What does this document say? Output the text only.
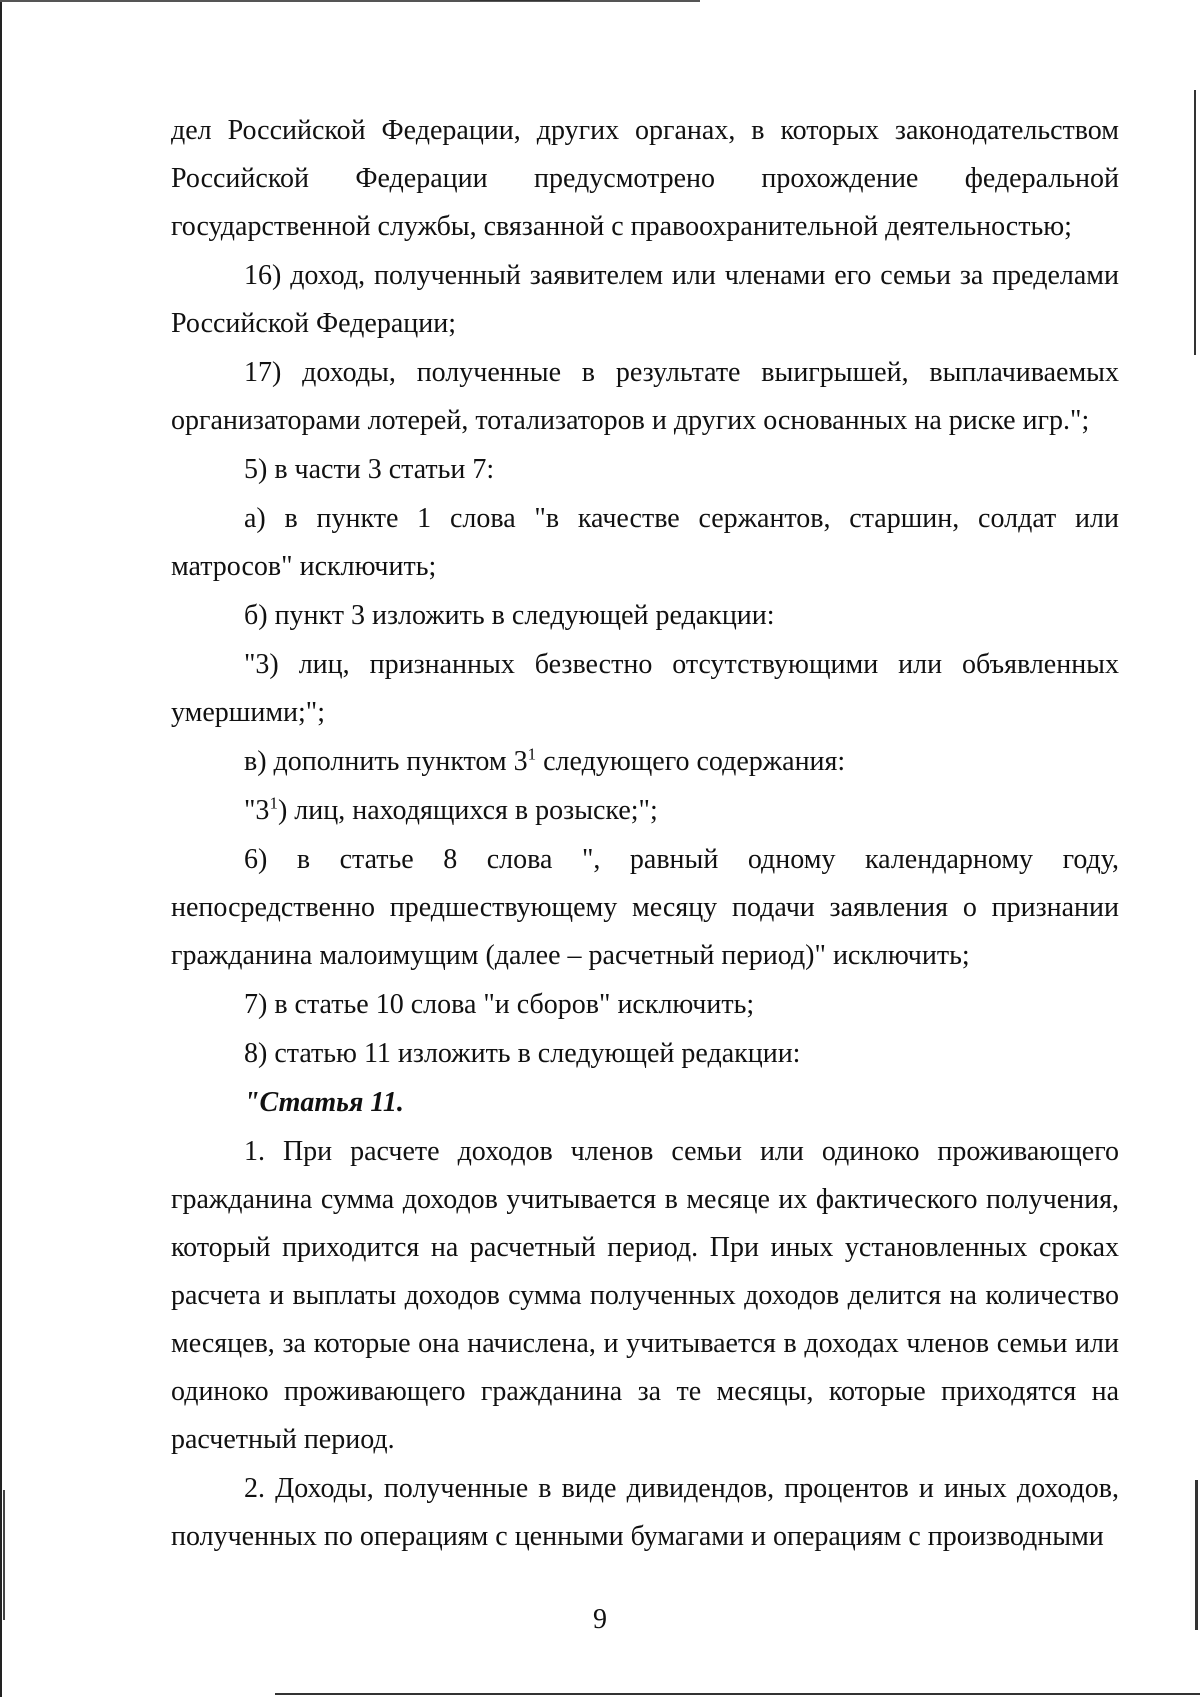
дел Российской Федерации, других органах, в которых законодательством Российской Федерации предусмотрено прохождение федеральной государственной службы, связанной с правоохранительной деятельностью;

16) доход, полученный заявителем или членами его семьи за пределами Российской Федерации;

17) доходы, полученные в результате выигрышей, выплачиваемых организаторами лотерей, тотализаторов и других основанных на риске игр.";

5) в части 3 статьи 7:

а) в пункте 1 слова "в качестве сержантов, старшин, солдат или матросов" исключить;

б) пункт 3 изложить в следующей редакции:

"3) лиц, признанных безвестно отсутствующими или объявленных умершими;";

в) дополнить пунктом $3^1$ следующего содержания:

"$3^1$) лиц, находящихся в розыске;";

6) в статье 8 слова ", равный одному календарному году, непосредственно предшествующему месяцу подачи заявления о признании гражданина малоимущим (далее – расчетный период)" исключить;

7) в статье 10 слова "и сборов" исключить;

8) статью 11 изложить в следующей редакции:

"Статья 11.

1. При расчете доходов членов семьи или одиноко проживающего гражданина сумма доходов учитывается в месяце их фактического получения, который приходится на расчетный период. При иных установленных сроках расчета и выплаты доходов сумма полученных доходов делится на количество месяцев, за которые она начислена, и учитывается в доходах членов семьи или одиноко проживающего гражданина за те месяцы, которые приходятся на расчетный период.

2. Доходы, полученные в виде дивидендов, процентов и иных доходов, полученных по операциям с ценными бумагами и операциям с производными

9
